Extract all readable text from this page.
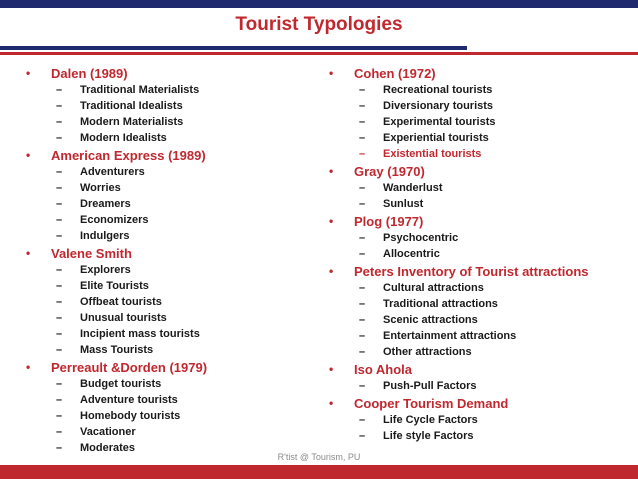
Tourist Typologies
•	Dalen (1989)
–	Traditional Materialists
–	Traditional Idealists
–	Modern Materialists
–	Modern Idealists
•	American Express (1989)
–	Adventurers
–	Worries
–	Dreamers
–	Economizers
–	Indulgers
•	Valene Smith
–	Explorers
–	Elite Tourists
–	Offbeat tourists
–	Unusual tourists
–	Incipient mass tourists
–	Mass Tourists
•	Perreault &Dorden (1979)
–	Budget tourists
–	Adventure tourists
–	Homebody tourists
–	Vacationer
–	Moderates
•	Cohen (1972)
–	Recreational tourists
–	Diversionary tourists
–	Experimental tourists
–	Experiential tourists
–	Existential tourists
•	Gray (1970)
–	Wanderlust
–	Sunlust
•	Plog (1977)
–	Psychocentric
–	Allocentric
•	Peters Inventory of Tourist attractions
–	Cultural attractions
–	Traditional attractions
–	Scenic attractions
–	Entertainment attractions
–	Other attractions
•	Iso Ahola
–	Push-Pull Factors
•	Cooper Tourism Demand
–	Life Cycle Factors
–	Life style Factors
R'tist @ Tourism, PU
